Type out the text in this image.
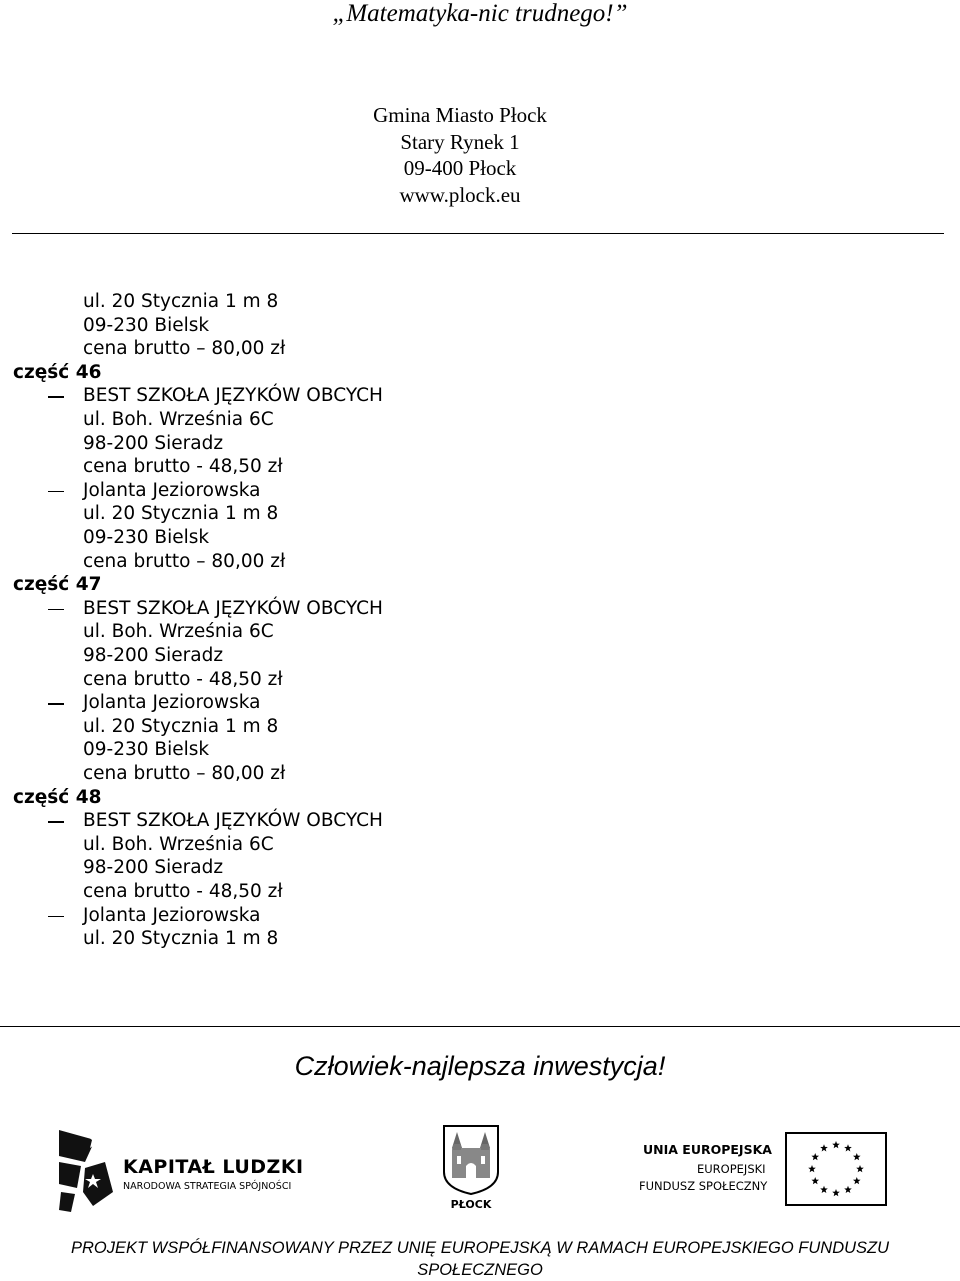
„Matematyka-nic trudnego!”
Gmina Miasto Płock
Stary Rynek 1
09-400 Płock
www.plock.eu
ul. 20 Stycznia 1 m 8
09-230 Bielsk
cena brutto – 80,00 zł
część 46
BEST SZKOŁA JĘZYKÓW OBCYCH
ul. Boh. Września 6C
98-200 Sieradz
cena brutto - 48,50 zł
Jolanta Jeziorowska
ul. 20 Stycznia 1 m 8
09-230 Bielsk
cena brutto – 80,00 zł
część 47
BEST SZKOŁA JĘZYKÓW OBCYCH
ul. Boh. Września 6C
98-200 Sieradz
cena brutto - 48,50 zł
Jolanta Jeziorowska
ul. 20 Stycznia 1 m 8
09-230 Bielsk
cena brutto – 80,00 zł
część 48
BEST SZKOŁA JĘZYKÓW OBCYCH
ul. Boh. Września 6C
98-200 Sieradz
cena brutto - 48,50 zł
Jolanta Jeziorowska
ul. 20 Stycznia 1 m 8
Człowiek-najlepsza inwestycja!
KAPITAŁ LUDZKI
NARODOWA STRATEGIA SPÓJNOŚCI
PŁOCK
UNIA EUROPEJSKA
EUROPEJSKI
FUNDUSZ SPOŁECZNY
PROJEKT WSPÓŁFINANSOWANY PRZEZ UNIĘ EUROPEJSKĄ W RAMACH EUROPEJSKIEGO FUNDUSZU
SPOŁECZNEGO
